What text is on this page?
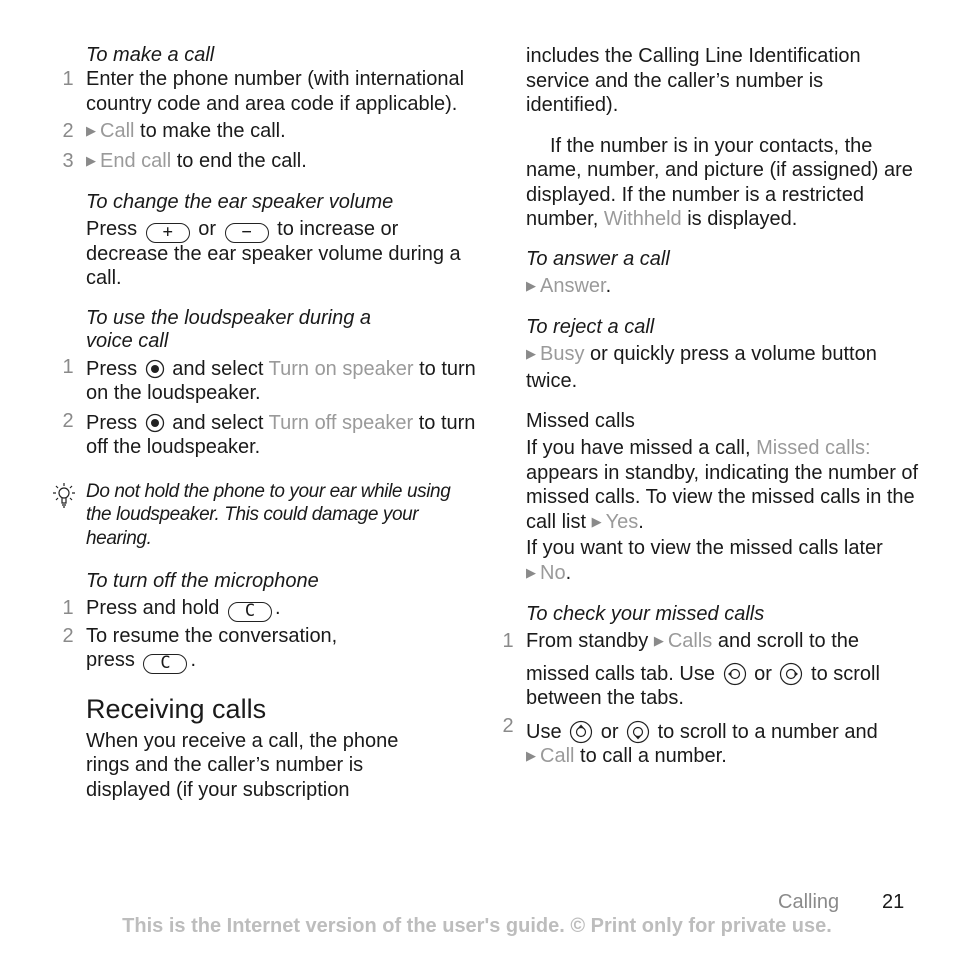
To make a call
1 Enter the phone number (with international country code and area code if applicable).
2 ▶ Call to make the call.
3 ▶ End call to end the call.
To change the ear speaker volume

Press + or − to increase or decrease the ear speaker volume during a call.

To use the loudspeaker during a voice call
1 Press and select Turn on speaker to turn on the loudspeaker.
2 Press and select Turn off speaker to turn off the loudspeaker.

Do not hold the phone to your ear while using the loudspeaker. This could damage your hearing.

To turn off the microphone
1 Press and hold C .
2 To resume the conversation, press C .
Receiving calls

When you receive a call, the phone rings and the caller’s number is displayed (if your subscription

includes the Calling Line Identification service and the caller’s number is identified).

If the number is in your contacts, the name, number, and picture (if assigned) are displayed. If the number is a restricted number, Withheld is displayed.

To answer a call

▶ Answer.

To reject a call

▶ Busy or quickly press a volume button twice.

Missed calls

If you have missed a call, Missed calls: appears in standby, indicating the number of missed calls. To view the missed calls in the call list ▶ Yes.

If you want to view the missed calls later ▶ No.

To check your missed calls
1 From standby ▶ Calls and scroll to the missed calls tab. Use or to scroll between the tabs.
2 Use or to scroll to a number and ▶ Call to call a number.
Calling 21
This is the Internet version of the user's guide. © Print only for private use.
